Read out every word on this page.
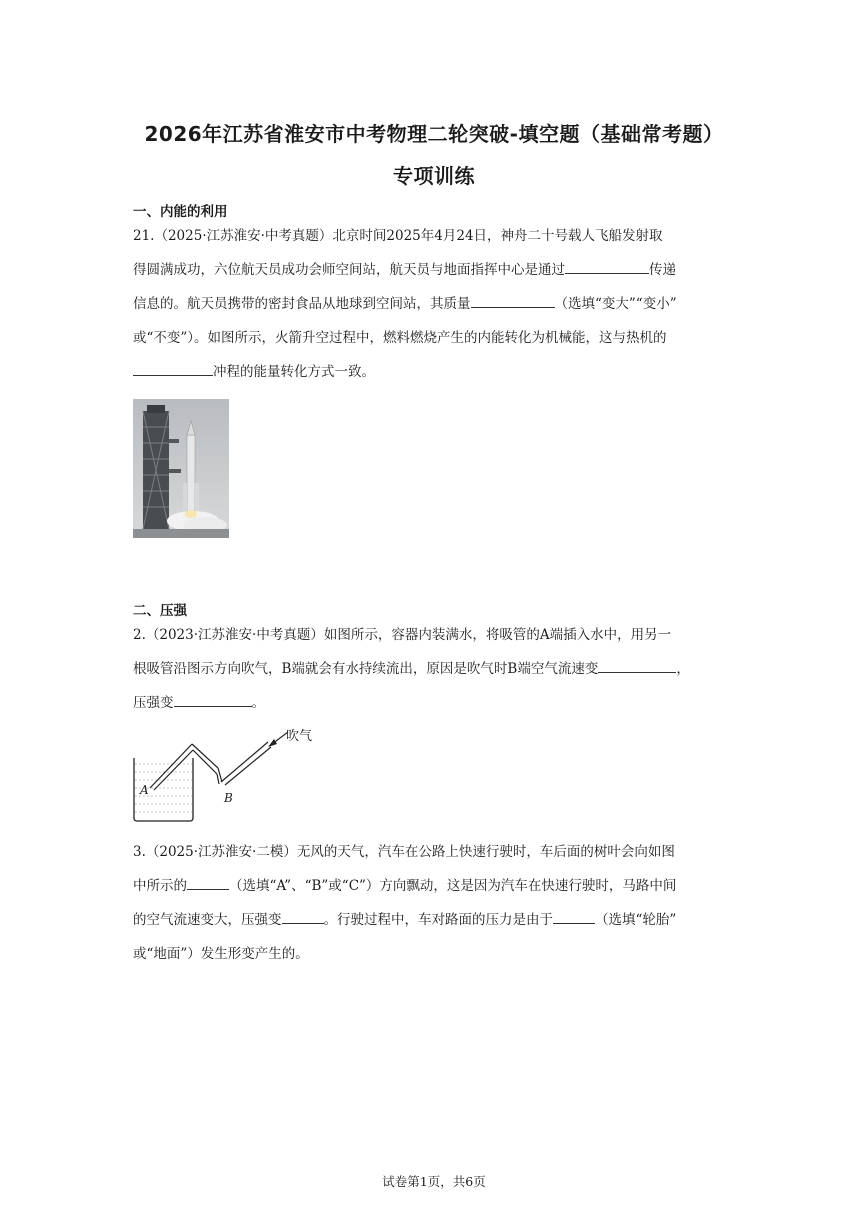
2026年江苏省淮安市中考物理二轮突破-填空题（基础常考题）
专项训练
一、内能的利用

21.（2025·江苏淮安·中考真题）北京时间2025年4月24日，神舟二十号载人飞船发射取

得圆满成功，六位航天员成功会师空间站，航天员与地面指挥中心是通过	传递

信息的。航天员携带的密封食品从地球到空间站，其质量	（选填“变大”“变小”

或“不变”）。如图所示，火箭升空过程中，燃料燃烧产生的内能转化为机械能，这与热机的

冲程的能量转化方式一致。

二、压强

2.（2023·江苏淮安·中考真题）如图所示，容器内装满水，将吸管的A端插入水中，用另一

根吸管沿图示方向吹气，B端就会有水持续流出，原因是吹气时B端空气流速变	，

压强变	。

吹气
A
B

3.（2025·江苏淮安·二模）无风的天气，汽车在公路上快速行驶时，车后面的树叶会向如图

中所示的	（选填“A”、“B”或“C”）方向飘动，这是因为汽车在快速行驶时，马路中间

的空气流速变大，压强变	。行驶过程中，车对路面的压力是由于	（选填“轮胎”

或“地面”）发生形变产生的。

试卷第1页，共6页
